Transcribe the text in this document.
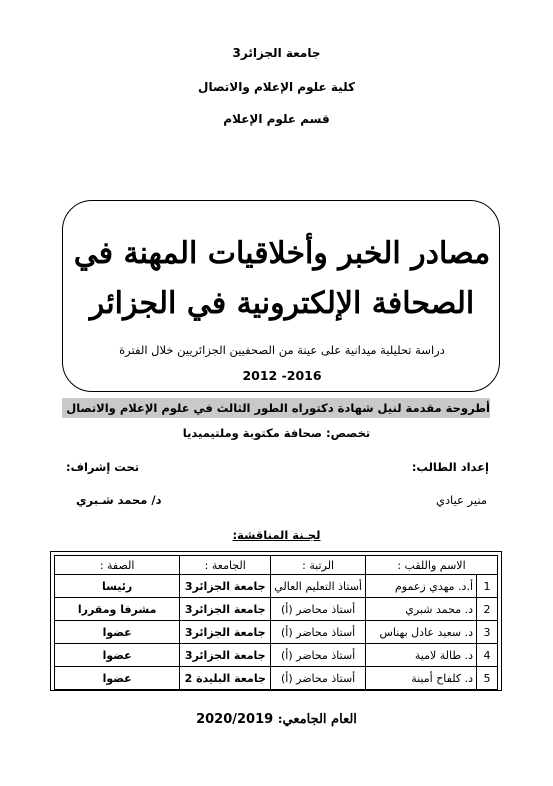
جامعة الجزائر3
كلية علوم الإعلام والاتصال
قسم علوم الإعلام
مصادر الخبر وأخلاقيات المهنة في
الصحافة الإلكترونية في الجزائر
دراسة تحليلية ميدانية على عينة من الصحفيين الجزائريين خلال الفترة
2012 -2016
أطروحة مقدمة لنيل شهادة دكتوراه الطور الثالث في علوم الإعلام والاتصال
تخصص: صحافة مكتوبة وملتيميديا
إعداد الطالب:
تحت إشراف:
منير عيادي
د/ محمد شـبري
لجـنة المناقشة:
الاسم واللقب :		الرتبة :	الجامعة :	الصفة :
1	أ.د. مهدي زعموم	أستاذ التعليم العالي	جامعة الجزائر3	رئيسا
2	د. محمد شبري	أستاذ محاضر (أ)	جامعة الجزائر3	مشرفا ومقررا
3	د. سعيد عادل بهناس	أستاذ محاضر (أ)	جامعة الجزائر3	عضوا
4	د. طالة لامية	أستاذ محاضر (أ)	جامعة الجزائر3	عضوا
5	د. كلفاح أمينة	أستاذ محاضر (أ)	جامعة البليدة 2	عضوا
العام الجامعي: 2020/2019
